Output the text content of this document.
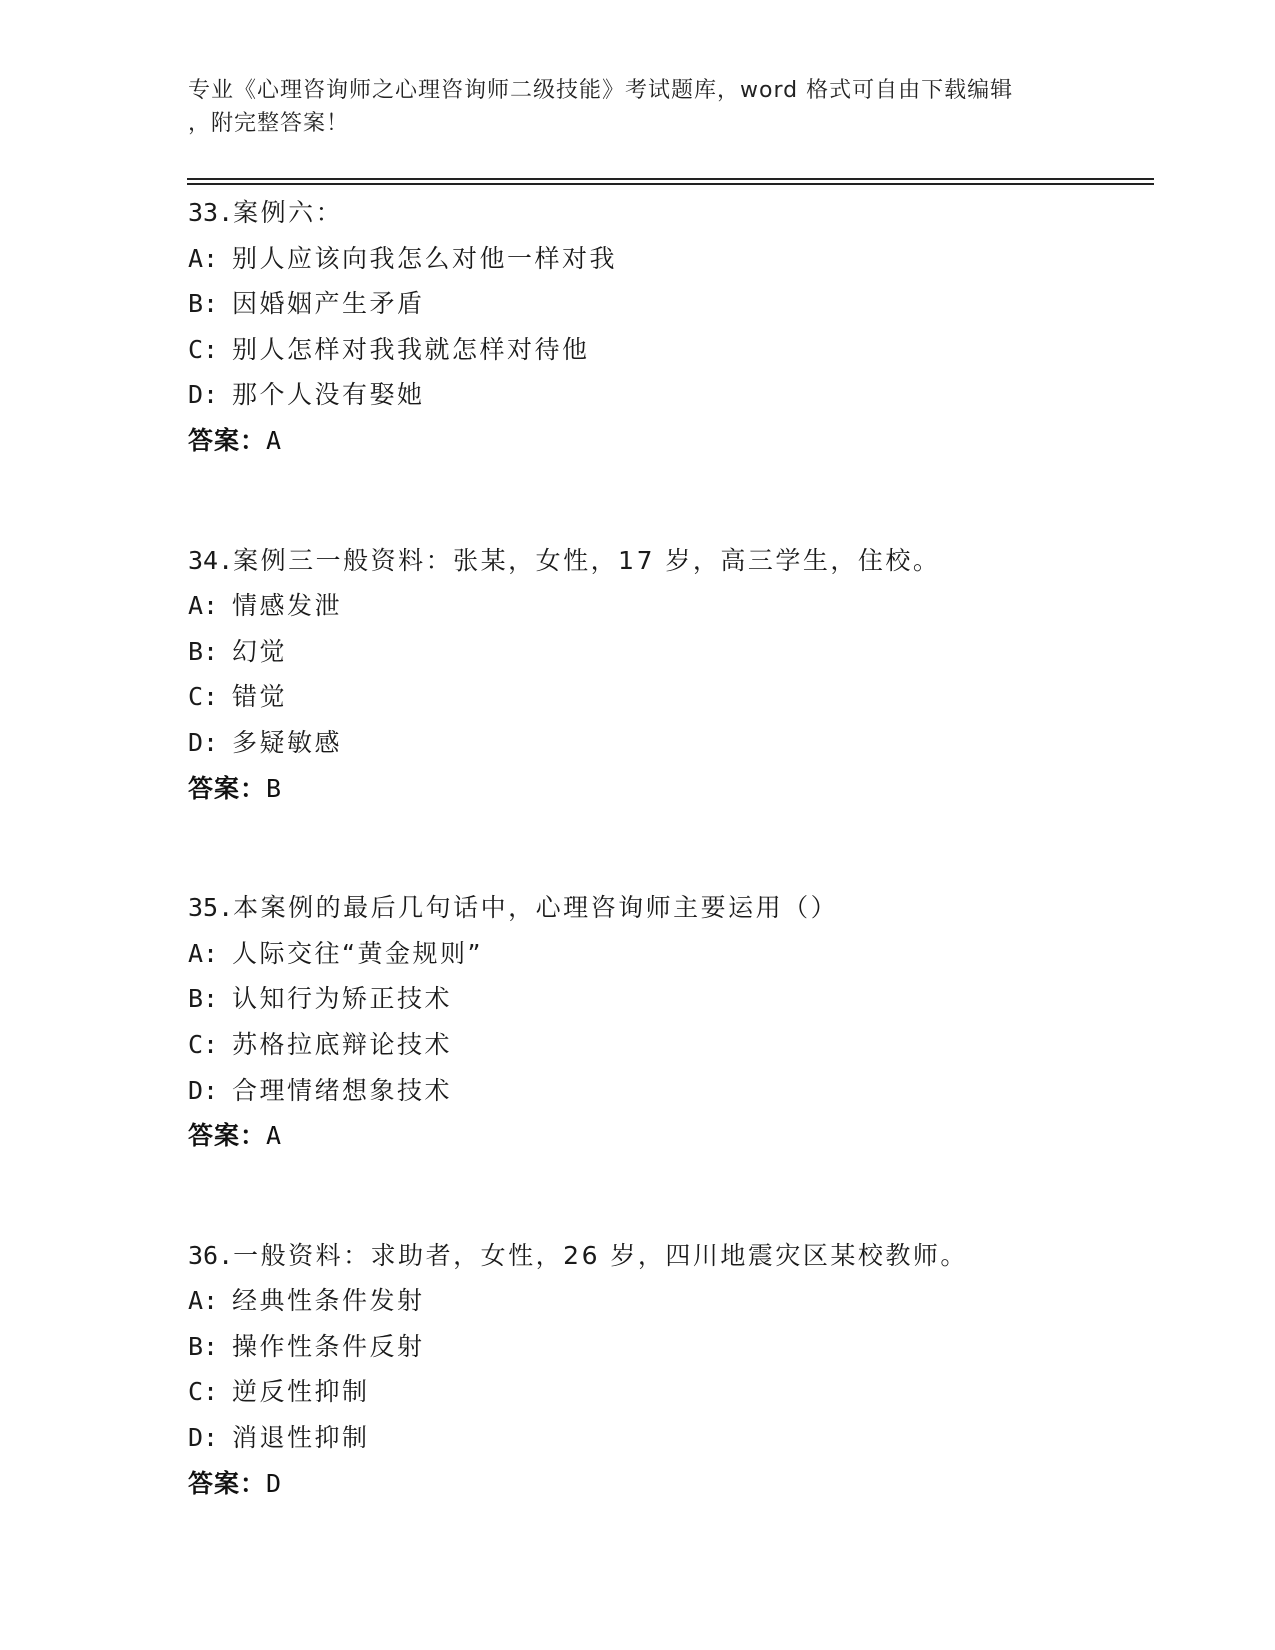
专业《心理咨询师之心理咨询师二级技能》考试题库，word 格式可自由下载编辑
，附完整答案！
33.案例六：
A: 别人应该向我怎么对他一样对我
B: 因婚姻产生矛盾
C: 别人怎样对我我就怎样对待他
D: 那个人没有娶她
答案：A
34.案例三一般资料：张某，女性，17 岁，高三学生，住校。
A: 情感发泄
B: 幻觉
C: 错觉
D: 多疑敏感
答案：B
35.本案例的最后几句话中，心理咨询师主要运用（）
A: 人际交往“黄金规则”
B: 认知行为矫正技术
C: 苏格拉底辩论技术
D: 合理情绪想象技术
答案：A
36.一般资料：求助者，女性，26 岁，四川地震灾区某校教师。
A: 经典性条件发射
B: 操作性条件反射
C: 逆反性抑制
D: 消退性抑制
答案：D
